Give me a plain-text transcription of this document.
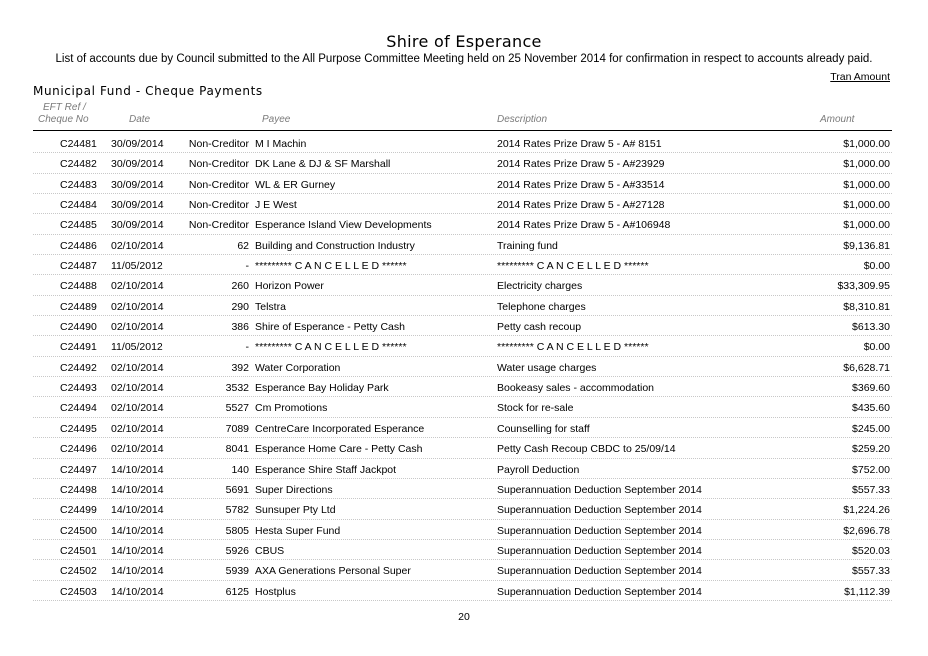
Shire of Esperance
List of accounts due by Council submitted to the All Purpose Committee Meeting held on 25 November 2014 for confirmation in respect to accounts already paid.
Tran Amount
Municipal Fund - Cheque Payments
EFT Ref /
Cheque No	Date	Payee	Description	Amount
C24481 30/09/2014 Non-Creditor M I Machin	2014 Rates Prize Draw 5 - A# 8151	$1,000.00
C24482 30/09/2014 Non-Creditor DK Lane & DJ & SF Marshall	2014 Rates Prize Draw 5 - A#23929	$1,000.00
C24483 30/09/2014 Non-Creditor WL & ER Gurney	2014 Rates Prize Draw 5 - A#33514	$1,000.00
C24484 30/09/2014 Non-Creditor J E West	2014 Rates Prize Draw 5 - A#27128	$1,000.00
C24485 30/09/2014 Non-Creditor Esperance Island View Developments	2014 Rates Prize Draw 5 - A#106948	$1,000.00
C24486 02/10/2014	62 Building and Construction Industry	Training fund	$9,136.81
C24487 11/05/2012	- ********* C A N C E L L E D ******	********* C A N C E L L E D ******	$0.00
C24488 02/10/2014	260 Horizon Power	Electricity charges	$33,309.95
C24489 02/10/2014	290 Telstra	Telephone charges	$8,310.81
C24490 02/10/2014	386 Shire of Esperance - Petty Cash	Petty cash recoup	$613.30
C24491 11/05/2012	- ********* C A N C E L L E D ******	********* C A N C E L L E D ******	$0.00
C24492 02/10/2014	392 Water Corporation	Water usage charges	$6,628.71
C24493 02/10/2014	3532 Esperance Bay Holiday Park	Bookeasy sales - accommodation	$369.60
C24494 02/10/2014	5527 Cm Promotions	Stock for re-sale	$435.60
C24495 02/10/2014	7089 CentreCare Incorporated Esperance	Counselling for staff	$245.00
C24496 02/10/2014	8041 Esperance Home Care - Petty Cash	Petty Cash Recoup CBDC to 25/09/14	$259.20
C24497 14/10/2014	140 Esperance Shire Staff Jackpot	Payroll Deduction	$752.00
C24498 14/10/2014	5691 Super Directions	Superannuation Deduction September 2014	$557.33
C24499 14/10/2014	5782 Sunsuper Pty Ltd	Superannuation Deduction September 2014	$1,224.26
C24500 14/10/2014	5805 Hesta Super Fund	Superannuation Deduction September 2014	$2,696.78
C24501 14/10/2014	5926 CBUS	Superannuation Deduction September 2014	$520.03
C24502 14/10/2014	5939 AXA Generations Personal Super	Superannuation Deduction September 2014	$557.33
C24503 14/10/2014	6125 Hostplus	Superannuation Deduction September 2014	$1,112.39
20
